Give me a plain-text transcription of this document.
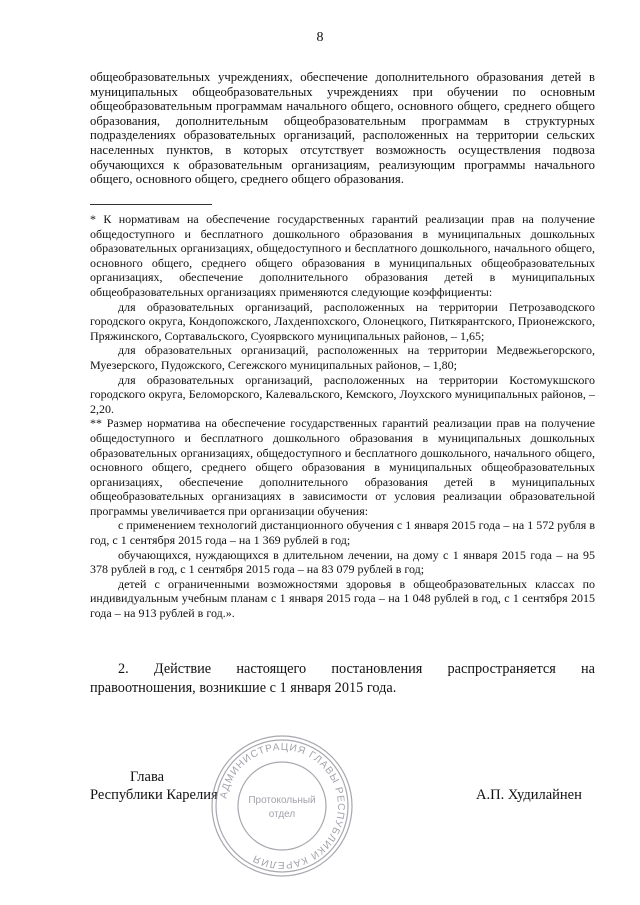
8

общеобразовательных учреждениях, обеспечение дополнительного образования детей в муниципальных общеобразовательных учреждениях при обучении по основным общеобразовательным программам начального общего, основного общего, среднего общего образования, дополнительным общеобразовательным программам в структурных подразделениях образовательных организаций, расположенных на территории сельских населенных пунктов, в которых отсутствует возможность осуществления подвоза обучающихся к образовательным организациям, реализующим программы начального общего, основного общего, среднего общего образования.

* К нормативам на обеспечение государственных гарантий реализации прав на получение общедоступного и бесплатного дошкольного образования в муниципальных дошкольных образовательных организациях, общедоступного и бесплатного дошкольного, начального общего, основного общего, среднего общего образования в муниципальных общеобразовательных организациях, обеспечение дополнительного образования детей в муниципальных общеобразовательных организациях применяются следующие коэффициенты:

для образовательных организаций, расположенных на территории Петрозаводского городского округа, Кондопожского, Лахденпохского, Олонецкого, Питкярантского, Прионежского, Пряжинского, Сортавальского, Суоярвского муниципальных районов, – 1,65;

для образовательных организаций, расположенных на территории Медвежьегорского, Муезерского, Пудожского, Сегежского муниципальных районов, – 1,80;

для образовательных организаций, расположенных на территории Костомукшского городского округа, Беломорского, Калевальского, Кемского, Лоухского муниципальных районов, – 2,20.

** Размер норматива на обеспечение государственных гарантий реализации прав на получение общедоступного и бесплатного дошкольного образования в муниципальных дошкольных образовательных организациях, общедоступного и бесплатного дошкольного, начального общего, основного общего, среднего общего образования в муниципальных общеобразовательных организациях, обеспечение дополнительного образования детей в муниципальных общеобразовательных организациях в зависимости от условия реализации образовательной программы увеличивается при организации обучения:

с применением технологий дистанционного обучения с 1 января 2015 года – на 1 572 рубля в год, с 1 сентября 2015 года – на 1 369 рублей в год;

обучающихся, нуждающихся в длительном лечении, на дому с 1 января 2015 года – на 95 378 рублей в год, с 1 сентября 2015 года – на 83 079 рублей в год;

детей с ограниченными возможностями здоровья в общеобразовательных классах по индивидуальным учебным планам с 1 января 2015 года – на 1 048 рублей в год, с 1 сентября 2015 года – на 913 рублей в год.».

2. Действие настоящего постановления распространяется на правоотношения, возникшие с 1 января 2015 года.

Глава
Республики Карелия	А.П. Худилайнен
АДМИНИСТРАЦИЯ ГЛАВЫ РЕСПУБЛИКИ КАРЕЛИЯ
Протокольный
отдел
